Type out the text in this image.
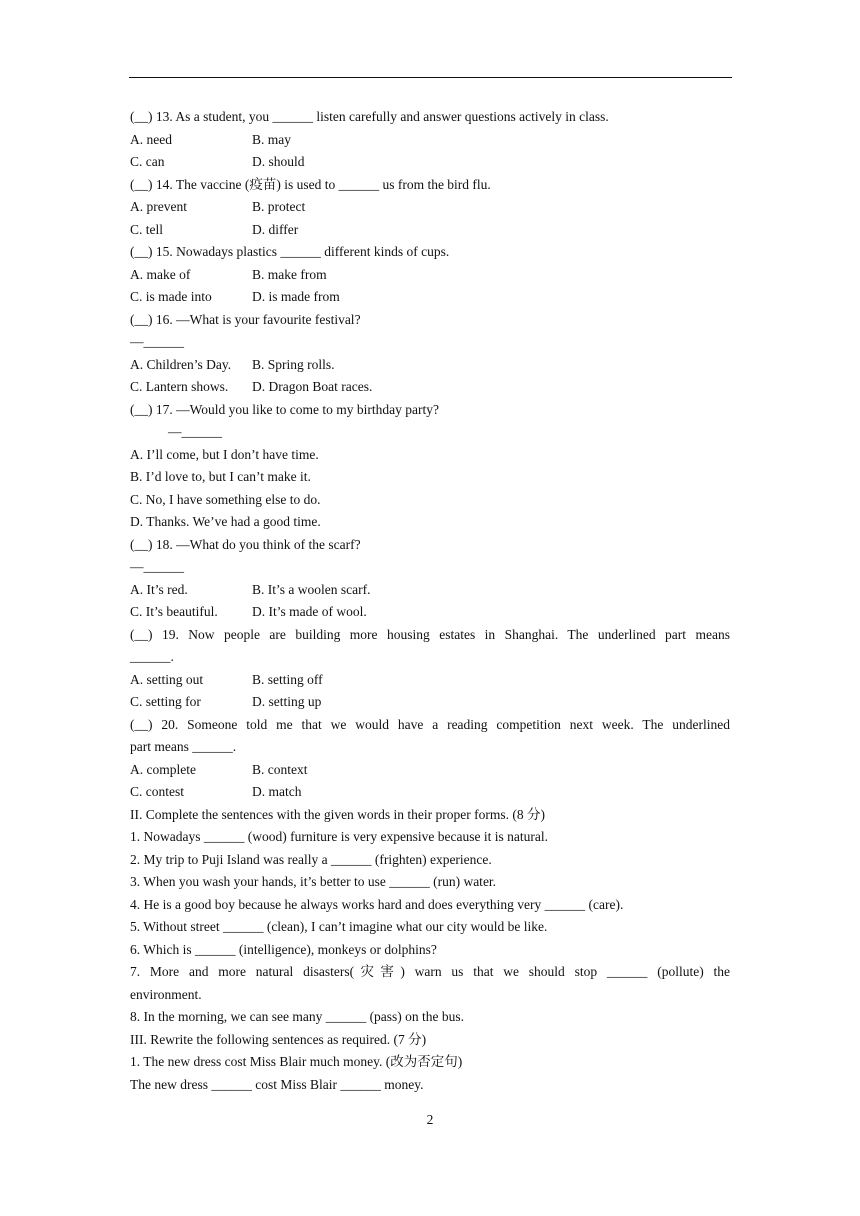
(__) 13. As a student, you ______ listen carefully and answer questions actively in class.
A. need	B. may
C. can	D. should
(__) 14. The vaccine (疫苗) is used to ______ us from the bird flu.
A. prevent	B. protect
C. tell	D. differ
(__) 15. Nowadays plastics ______ different kinds of cups.
A. make of	B. make from
C. is made into	D. is made from
(__) 16. —What is your favourite festival?
—______
A. Children’s Day.	B. Spring rolls.
C. Lantern shows.	D. Dragon Boat races.
(__) 17. —Would you like to come to my birthday party?
—______
A. I’ll come, but I don’t have time.
B. I’d love to, but I can’t make it.
C. No, I have something else to do.
D. Thanks. We’ve had a good time.
(__) 18. —What do you think of the scarf?
—______
A. It’s red.	B. It’s a woolen scarf.
C. It’s beautiful.	D. It’s made of wool.
(__) 19. Now people are building more housing estates in Shanghai. The underlined part means
______.
A. setting out	B. setting off
C. setting for	D. setting up
(__) 20. Someone told me that we would have a reading competition next week. The underlined
part means ______.
A. complete	B. context
C. contest	D. match
II. Complete the sentences with the given words in their proper forms. (8 分)
1. Nowadays ______ (wood) furniture is very expensive because it is natural.
2. My trip to Puji Island was really a ______ (frighten) experience.
3. When you wash your hands, it’s better to use ______ (run) water.
4. He is a good boy because he always works hard and does everything very ______ (care).
5. Without street ______ (clean), I can’t imagine what our city would be like.
6. Which is ______ (intelligence), monkeys or dolphins?
7. More and more natural disasters(灾害) warn us that we should stop ______ (pollute) the
environment.
8. In the morning, we can see many ______ (pass) on the bus.
III. Rewrite the following sentences as required. (7 分)
1. The new dress cost Miss Blair much money. (改为否定句)
The new dress ______ cost Miss Blair ______ money.
2
